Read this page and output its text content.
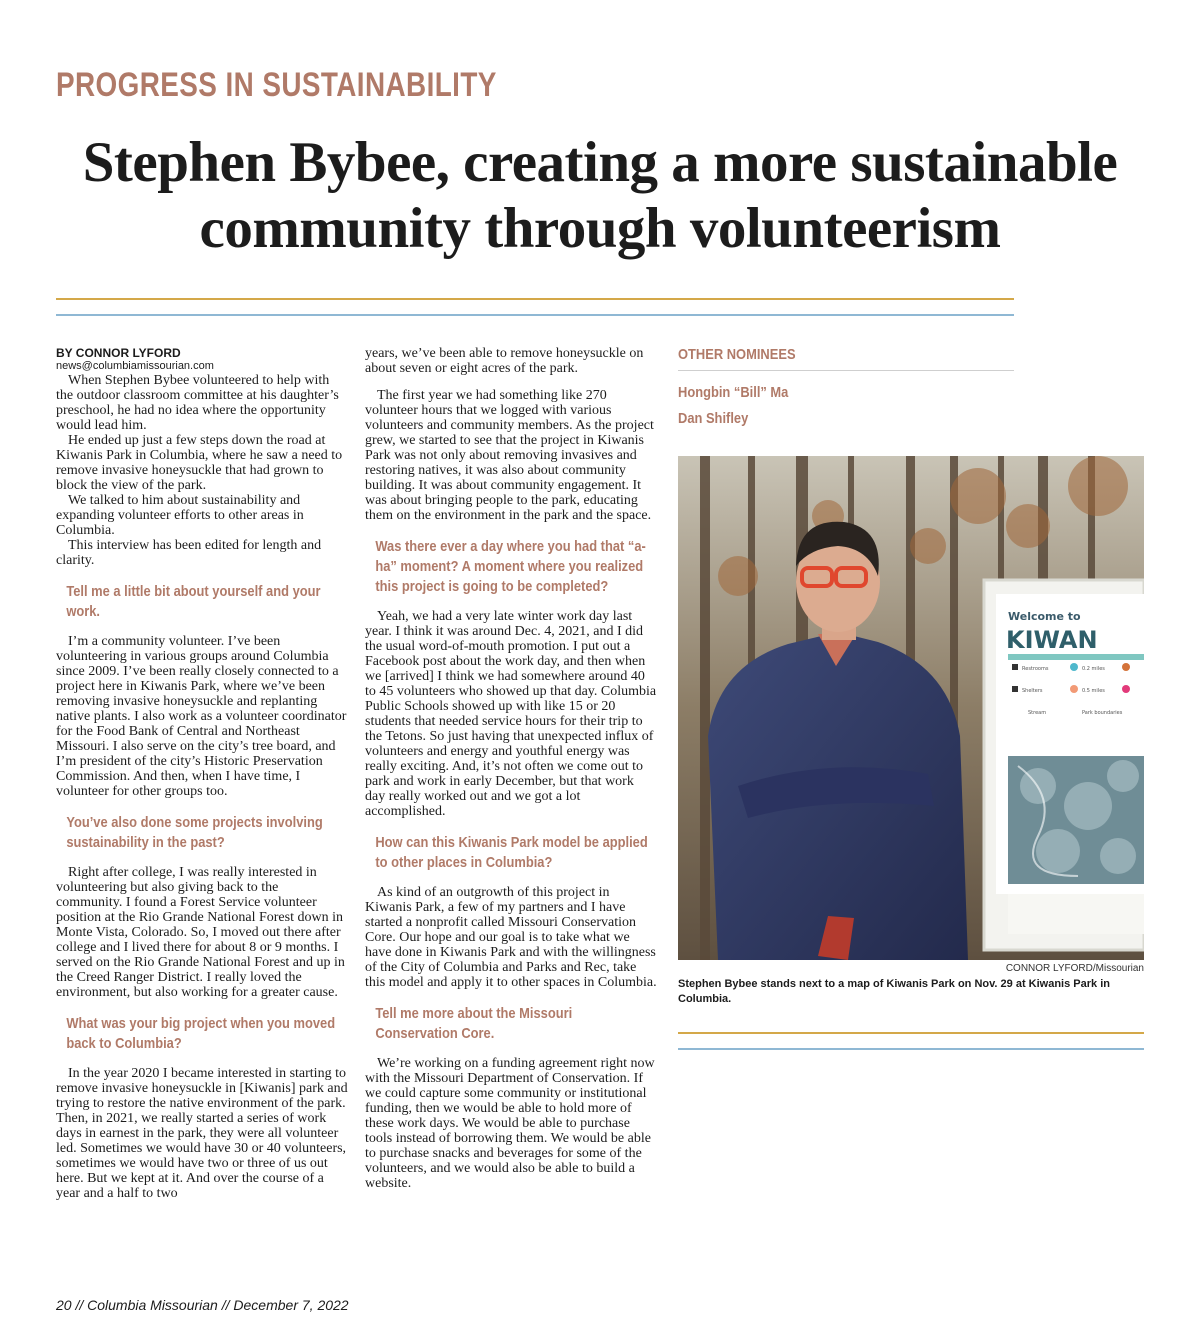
PROGRESS IN SUSTAINABILITY
Stephen Bybee, creating a more sustainable
community through volunteerism

BY CONNOR LYFORD

news@columbiamissourian.com

When Stephen Bybee volunteered to help with the outdoor classroom committee at his daughter’s preschool, he had no idea where the opportunity would lead him.

He ended up just a few steps down the road at Kiwanis Park in Columbia, where he saw a need to remove invasive honeysuckle that had grown to block the view of the park.

We talked to him about sustainability and expanding volunteer efforts to other areas in Columbia.

This interview has been edited for length and clarity.

Tell me a little bit about yourself and your work.

I’m a community volunteer. I’ve been volunteering in various groups around Columbia since 2009. I’ve been really closely connected to a project here in Kiwanis Park, where we’ve been removing invasive honeysuckle and replanting native plants. I also work as a volunteer coordinator for the Food Bank of Central and Northeast Missouri. I also serve on the city’s tree board, and I’m president of the city’s Historic Preservation Commission. And then, when I have time, I volunteer for other groups too.

You’ve also done some projects involving sustainability in the past?

Right after college, I was really interested in volunteering but also giving back to the community. I found a Forest Service volunteer position at the Rio Grande National Forest down in Monte Vista, Colorado. So, I moved out there after college and I lived there for about 8 or 9 months. I served on the Rio Grande National Forest and up in the Creed Ranger District. I really loved the environment, but also working for a greater cause.

What was your big project when you moved back to Columbia?

In the year 2020 I became interested in starting to remove invasive honeysuckle in [Kiwanis] park and trying to restore the native environment of the park. Then, in 2021, we really started a series of work days in earnest in the park, they were all volunteer led. Sometimes we would have 30 or 40 volunteers, sometimes we would have two or three of us out here. But we kept at it. And over the course of a year and a half to two

years, we’ve been able to remove honeysuckle on about seven or eight acres of the park.

The first year we had something like 270 volunteer hours that we logged with various volunteers and community members. As the project grew, we started to see that the project in Kiwanis Park was not only about removing invasives and restoring natives, it was also about community building. It was about community engagement. It was about bringing people to the park, educating them on the environment in the park and the space.

Was there ever a day where you had that “a-ha” moment? A moment where you realized this project is going to be completed?

Yeah, we had a very late winter work day last year. I think it was around Dec. 4, 2021, and I did the usual word-of-mouth promotion. I put out a Facebook post about the work day, and then when we [arrived] I think we had somewhere around 40 to 45 volunteers who showed up that day. Columbia Public Schools showed up with like 15 or 20 students that needed service hours for their trip to the Tetons. So just having that unexpected influx of volunteers and energy and youthful energy was really exciting. And, it’s not often we come out to park and work in early December, but that work day really worked out and we got a lot accomplished.

How can this Kiwanis Park model be applied to other places in Columbia?

As kind of an outgrowth of this project in Kiwanis Park, a few of my partners and I have started a nonprofit called Missouri Conservation Core. Our hope and our goal is to take what we have done in Kiwanis Park and with the willingness of the City of Columbia and Parks and Rec, take this model and apply it to other spaces in Columbia.

Tell me more about the Missouri Conservation Core.

We’re working on a funding agreement right now with the Missouri Department of Conservation. If we could capture some community or institutional funding, then we would be able to hold more of these work days. We would be able to purchase tools instead of borrowing them. We would be able to purchase snacks and beverages for some of the volunteers, and we would also be able to build a website.

OTHER NOMINEES
Hongbin “Bill” Ma
Dan Shifley
Welcome to
KIWAN
Restrooms
Shelters
Stream
0.2 miles
0.5 miles
Park boundaries
CONNOR LYFORD/Missourian
Stephen Bybee stands next to a map of Kiwanis Park on Nov. 29 at Kiwanis Park in Columbia.
20 // Columbia Missourian // December 7, 2022
